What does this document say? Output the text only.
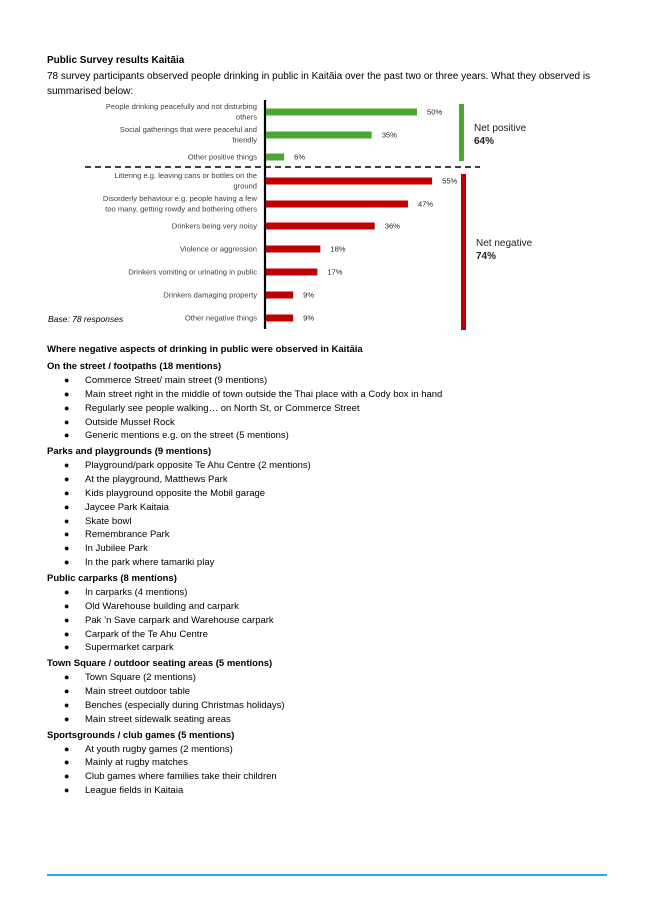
Public Survey results Kaitāia
78 survey participants observed people drinking in public in Kaitāia over the past two or three years. What they observed is summarised below:
50%
People drinking peacefully and not disturbing
others
35%
Social gatherings that were peaceful and
friendly
6%
Other positive things
55%
Littering e.g. leaving cans or bottles on the
ground
47%
Disorderly behaviour e.g. people having a few
too many, getting rowdy and bothering others
36%
Drinkers being very noisy
18%
Violence or aggression
17%
Drinkers vomiting or urinating in public
9%
Drinkers damaging property
9%
Other negative things
Net positive
64%
Net negative
74%
Base: 78 responses
Where negative aspects of drinking in public were observed in Kaitāia
On the street / footpaths (18 mentions)
● Commerce Street/ main street (9 mentions)
● Main street right in the middle of town outside the Thai place with a Cody box in hand
● Regularly see people walking… on North St, or Commerce Street
● Outside Mussel Rock
● Generic mentions e.g. on the street (5 mentions)
Parks and playgrounds (9 mentions)
● Playground/park opposite Te Ahu Centre (2 mentions)
● At the playground, Matthews Park
● Kids playground opposite the Mobil garage
● Jaycee Park Kaitaia
● Skate bowl
● Remembrance Park
● In Jubilee Park
● In the park where tamariki play
Public carparks (8 mentions)
● In carparks (4 mentions)
● Old Warehouse building and carpark
● Pak ’n Save carpark and Warehouse carpark
● Carpark of the Te Ahu Centre
● Supermarket carpark
Town Square / outdoor seating areas (5 mentions)
● Town Square (2 mentions)
● Main street outdoor table
● Benches (especially during Christmas holidays)
● Main street sidewalk seating areas
Sportsgrounds / club games (5 mentions)
● At youth rugby games (2 mentions)
● Mainly at rugby matches
● Club games where families take their children
● League fields in Kaitaia
